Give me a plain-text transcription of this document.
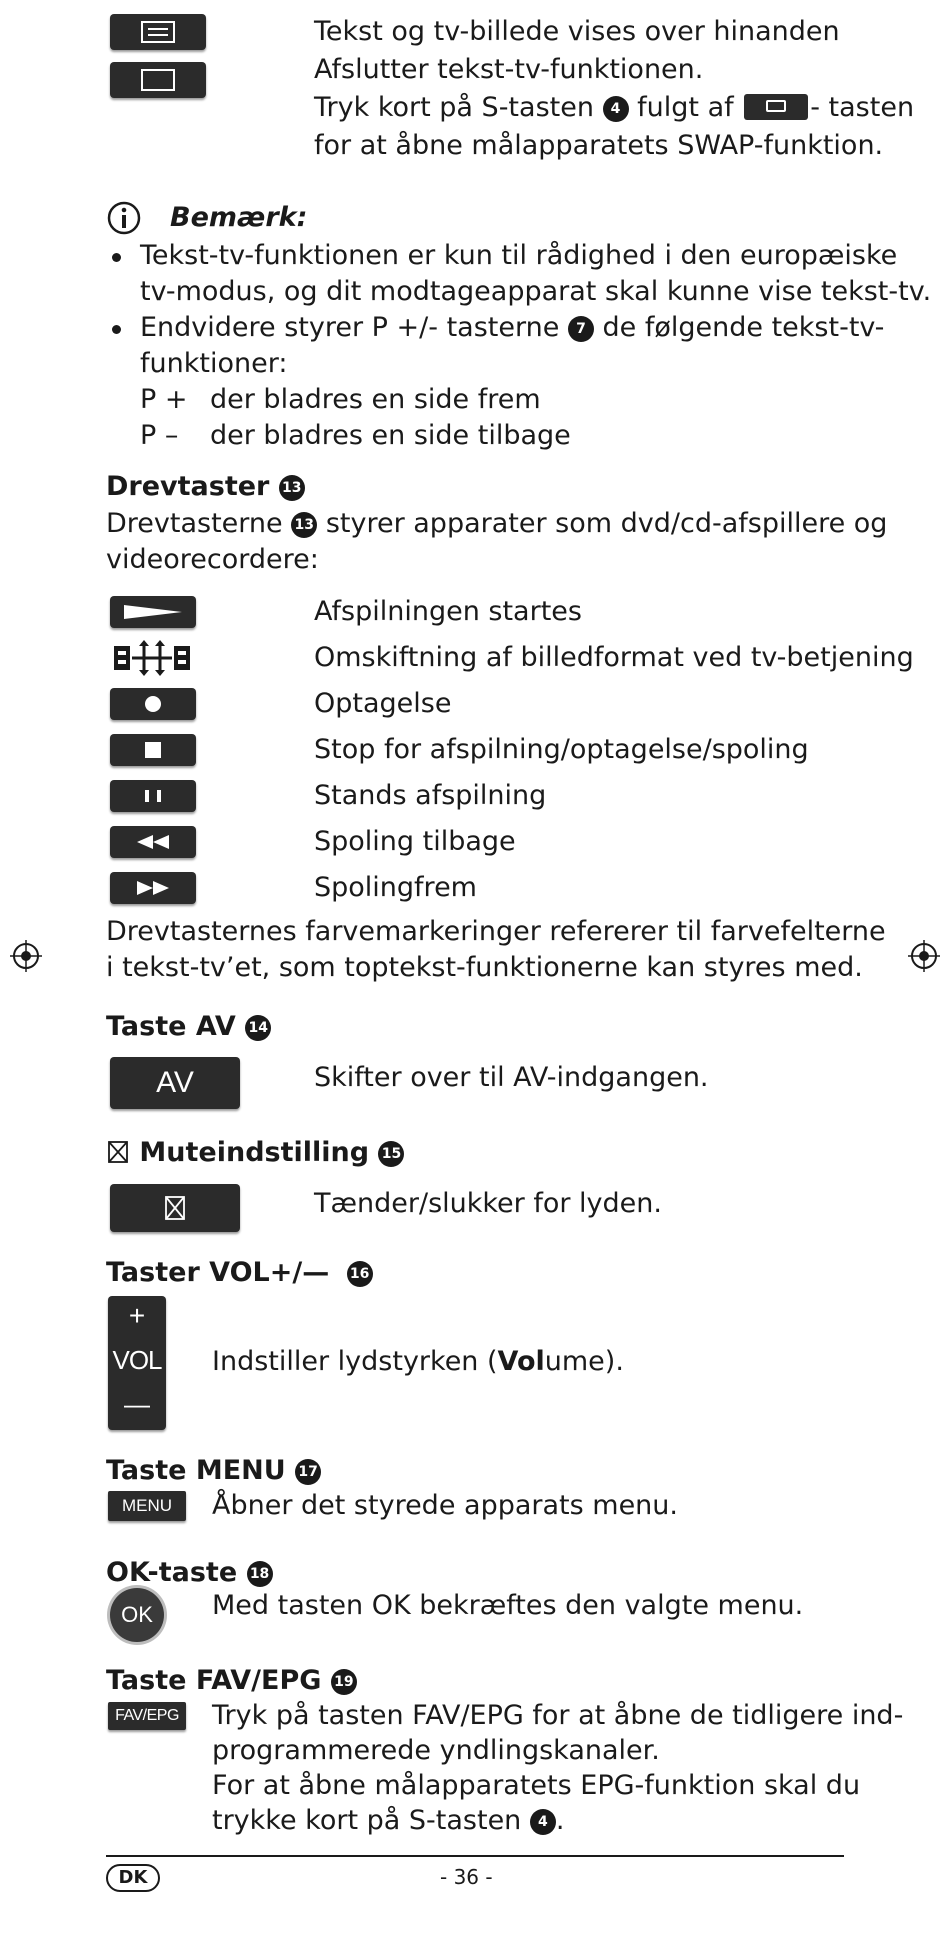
Tekst og tv-billede vises over hinanden
Afslutter tekst-tv-funktionen.
Tryk kort på S-tasten 4 fulgt af	- tasten
for at åbne målapparatets SWAP-funktion.
Bemærk:
Tekst-tv-funktionen er kun til rådighed i den europæiske
tv-modus, og dit modtageapparat skal kunne vise tekst-tv.
Endvidere styrer P +/- tasterne 7 de følgende tekst-tv-
funktioner:
P + der bladres en side frem
P – der bladres en side tilbage
Drevtaster 13
Drevtasterne 13 styrer apparater som dvd/cd-afspillere og
videorecordere:
Afspilningen startes
Omskiftning af billedformat ved tv-betjening
Optagelse
Stop for afspilning/optagelse/spoling
Stands afspilning
Spoling tilbage
Spolingfrem
Drevtasternes farvemarkeringer refererer til farvefelterne
i tekst-tv’et, som toptekst-funktionerne kan styres med.
Taste AV 14
AV	Skifter over til AV-indgangen.
Muteindstilling 15
Tænder/slukker for lyden.
Taster VOL+/— 16
+
VOL
—
Indstiller lydstyrken (Volume).
Taste MENU 17
MENU Åbner det styrede apparats menu.
OK-taste 18
OK Med tasten OK bekræftes den valgte menu.
Taste FAV/EPG 19
FAV/EPG Tryk på tasten FAV/EPG for at åbne de tidligere ind-
programmerede yndlingskanaler.
For at åbne målapparatets EPG-funktion skal du
trykke kort på S-tasten 4 .
DK	- 36 -
